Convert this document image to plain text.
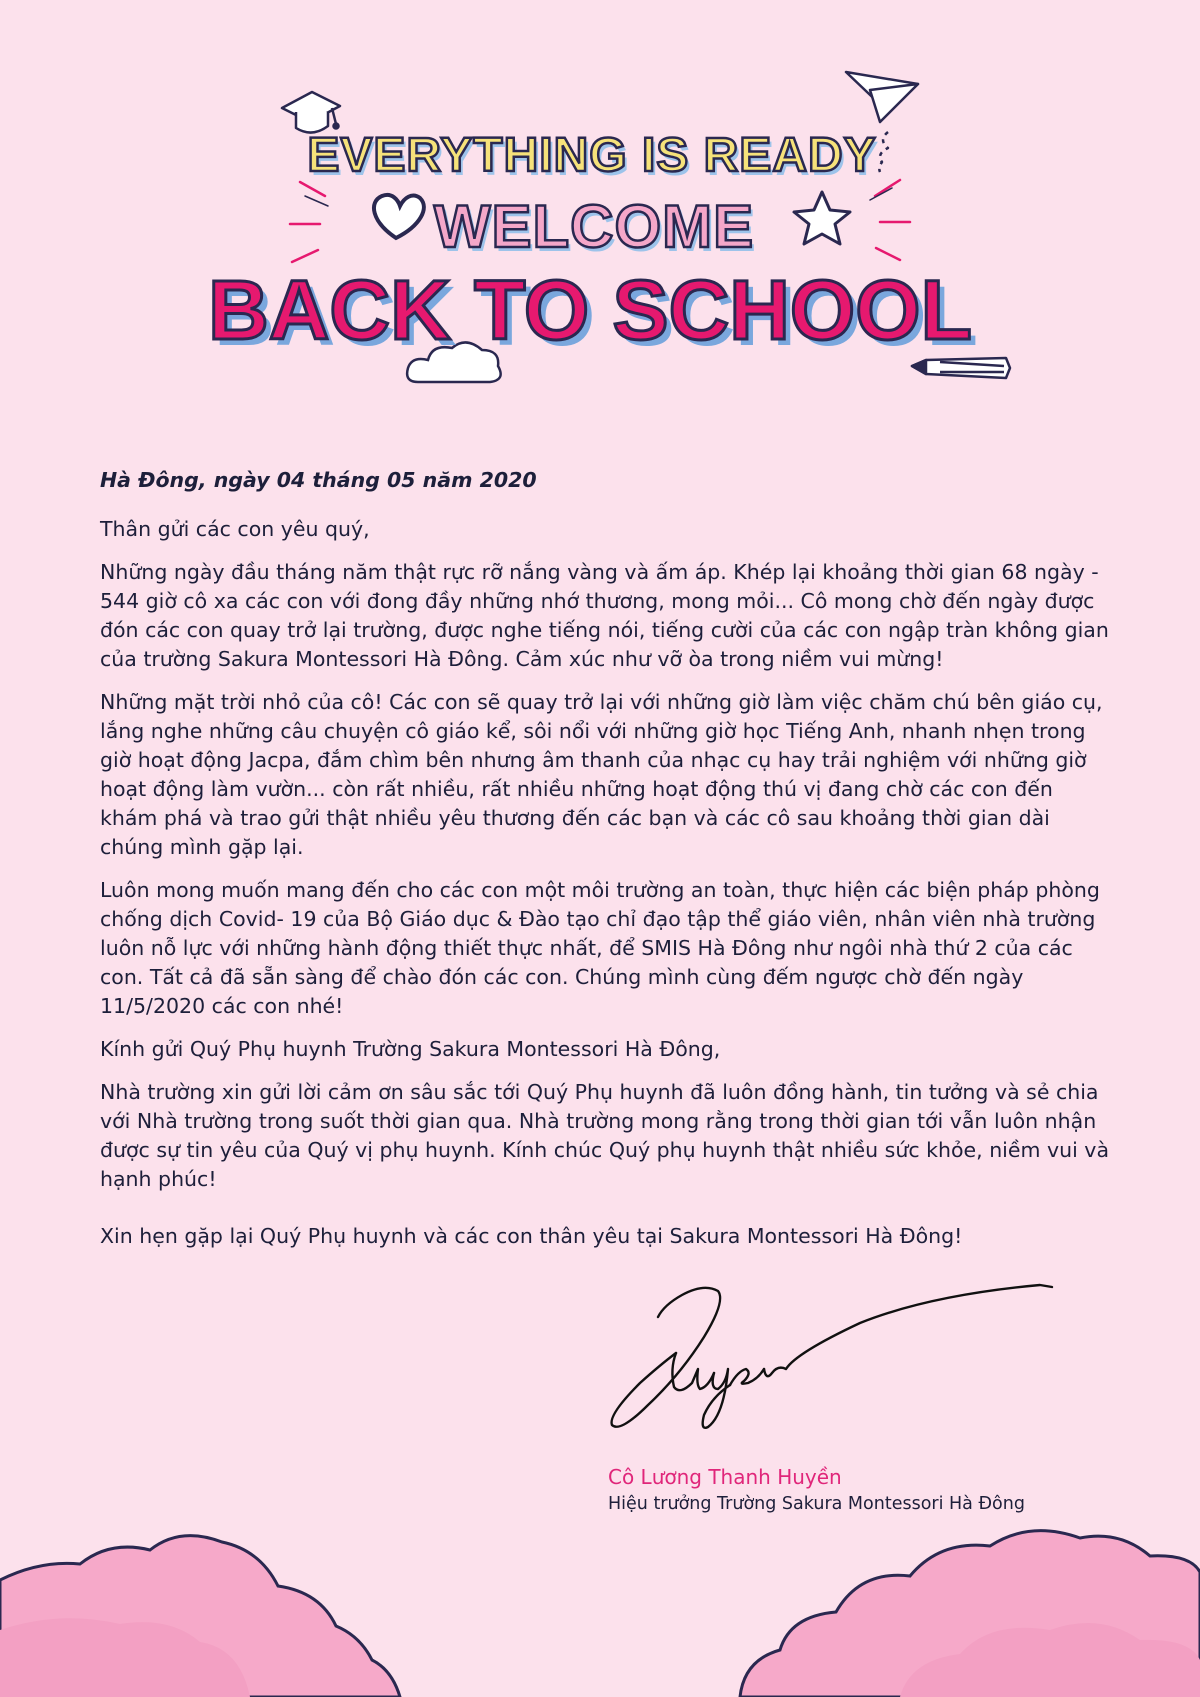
EVERYTHING IS READY
WELCOME
BACK TO SCHOOL

Hà Đông, ngày 04 tháng 05 năm 2020

Thân gửi các con yêu quý,

Những ngày đầu tháng năm thật rực rỡ nắng vàng và ấm áp. Khép lại khoảng thời gian 68 ngày - 544 giờ cô xa các con với đong đầy những nhớ thương, mong mỏi... Cô mong chờ đến ngày được đón các con quay trở lại trường, được nghe tiếng nói, tiếng cười của các con ngập tràn không gian của trường Sakura Montessori Hà Đông. Cảm xúc như vỡ òa trong niềm vui mừng!

Những mặt trời nhỏ của cô! Các con sẽ quay trở lại với những giờ làm việc chăm chú bên giáo cụ, lắng nghe những câu chuyện cô giáo kể, sôi nổi với những giờ học Tiếng Anh, nhanh nhẹn trong giờ hoạt động Jacpa, đắm chìm bên nhưng âm thanh của nhạc cụ hay trải nghiệm với những giờ hoạt động làm vườn... còn rất nhiều, rất nhiều những hoạt động thú vị đang chờ các con đến khám phá và trao gửi thật nhiều yêu thương đến các bạn và các cô sau khoảng thời gian dài chúng mình gặp lại.

Luôn mong muốn mang đến cho các con một môi trường an toàn, thực hiện các biện pháp phòng chống dịch Covid- 19 của Bộ Giáo dục & Đào tạo chỉ đạo tập thể giáo viên, nhân viên nhà trường luôn nỗ lực với những hành động thiết thực nhất, để SMIS Hà Đông như ngôi nhà thứ 2 của các con. Tất cả đã sẵn sàng để chào đón các con. Chúng mình cùng đếm ngược chờ đến ngày 11/5/2020 các con nhé!

Kính gửi Quý Phụ huynh Trường Sakura Montessori Hà Đông,

Nhà trường xin gửi lời cảm ơn sâu sắc tới Quý Phụ huynh đã luôn đồng hành, tin tưởng và sẻ chia với Nhà trường trong suốt thời gian qua. Nhà trường mong rằng trong thời gian tới vẫn luôn nhận được sự tin yêu của Quý vị phụ huynh. Kính chúc Quý phụ huynh thật nhiều sức khỏe, niềm vui và hạnh phúc!

Xin hẹn gặp lại Quý Phụ huynh và các con thân yêu tại Sakura Montessori Hà Đông!

Cô Lương Thanh Huyền
Hiệu trưởng Trường Sakura Montessori Hà Đông
